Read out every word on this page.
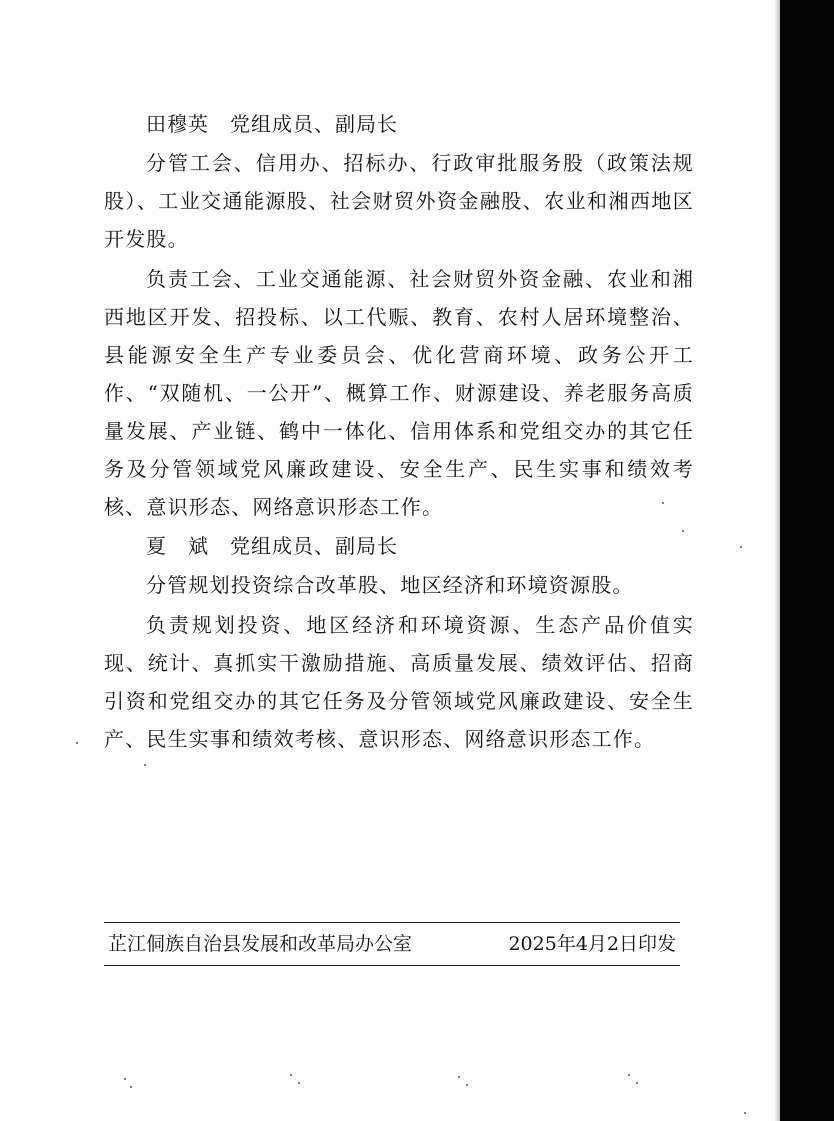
田穆英　党组成员、副局长

分管工会、信用办、招标办、行政审批服务股（政策法规股）、工业交通能源股、社会财贸外资金融股、农业和湘西地区开发股。

负责工会、工业交通能源、社会财贸外资金融、农业和湘西地区开发、招投标、以工代赈、教育、农村人居环境整治、县能源安全生产专业委员会、优化营商环境、政务公开工作、“双随机、一公开”、概算工作、财源建设、养老服务高质量发展、产业链、鹤中一体化、信用体系和党组交办的其它任务及分管领域党风廉政建设、安全生产、民生实事和绩效考核、意识形态、网络意识形态工作。

夏　斌　党组成员、副局长

分管规划投资综合改革股、地区经济和环境资源股。

负责规划投资、地区经济和环境资源、生态产品价值实现、统计、真抓实干激励措施、高质量发展、绩效评估、招商引资和党组交办的其它任务及分管领域党风廉政建设、安全生产、民生实事和绩效考核、意识形态、网络意识形态工作。

芷江侗族自治县发展和改革局办公室	2025年4月2日印发
